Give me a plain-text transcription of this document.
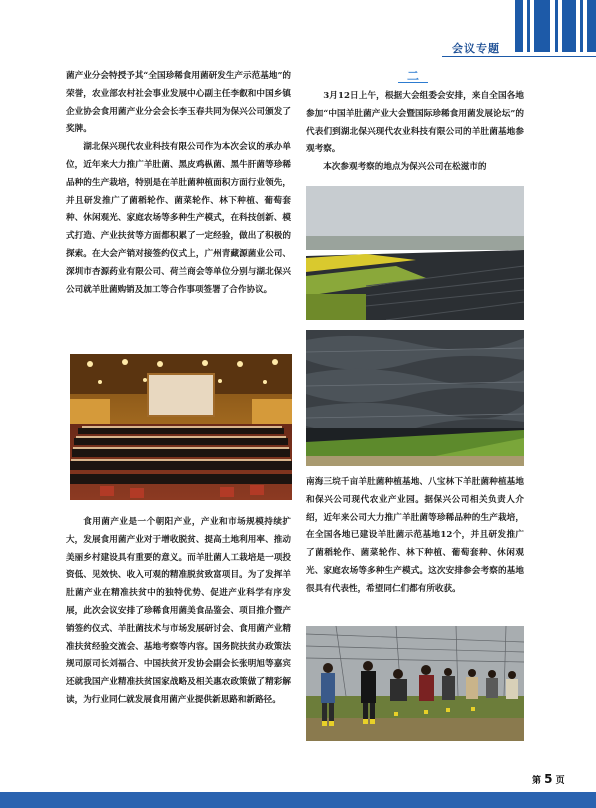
会议专题

菌产业分会特授予其“全国珍稀食用菌研发生产示范基地”的荣誉，农业部农村社会事业发展中心副主任李叡和中国乡镇企业协会食用菌产业分会会长李玉春共同为保兴公司颁发了奖牌。

湖北保兴现代农业科技有限公司作为本次会议的承办单位，近年来大力推广羊肚菌、黑皮鸡枞菌、黑牛肝菌等珍稀品种的生产栽培，特别是在羊肚菌种植面积方面行业领先，并且研发推广了菌稻轮作、菌菜轮作、林下种植、葡萄套种、休闲观光、家庭农场等多种生产模式，在科技创新、模式打造、产业扶贫等方面都积累了一定经验，做出了积极的探索。在大会产销对接签约仪式上，广州青藏源菌业公司、深圳市杏源药业有限公司、荷兰商会等单位分别与湖北保兴公司就羊肚菌购销及加工等合作事项签署了合作协议。

食用菌产业是一个朝阳产业，产业和市场规模持续扩大，发展食用菌产业对于增收脱贫、提高土地利用率、推动美丽乡村建设具有重要的意义。而羊肚菌人工栽培是一项投资低、见效快、收入可观的精准脱贫致富项目。为了发挥羊肚菌产业在精准扶贫中的独特优势、促进产业科学有序发展，此次会议安排了珍稀食用菌美食品鉴会、项目推介暨产销签约仪式、羊肚菌技术与市场发展研讨会、食用菌产业精准扶贫经验交流会、基地考察等内容。国务院扶贫办政策法规司原司长刘福合、中国扶贫开发协会副会长张明旭等嘉宾还就我国产业精准扶贫国家战略及相关惠农政策做了精彩解读，为行业同仁就发展食用菌产业提供新思路和新路径。

二

3月12日上午，根据大会组委会安排，来自全国各地参加“中国羊肚菌产业大会暨国际珍稀食用菌发展论坛”的代表们到湖北保兴现代农业科技有限公司的羊肚菌基地参观考察。

本次参观考察的地点为保兴公司在松滋市的

南海三垸千亩羊肚菌种植基地、八宝林下羊肚菌种植基地和保兴公司现代农业产业园。据保兴公司相关负责人介绍，近年来公司大力推广羊肚菌等珍稀品种的生产栽培，在全国各地已建设羊肚菌示范基地12个，并且研发推广了菌稻轮作、菌菜轮作、林下种植、葡萄套种、休闲观光、家庭农场等多种生产模式。这次安排参会考察的基地很具有代表性，希望同仁们都有所收获。

第 5 页
